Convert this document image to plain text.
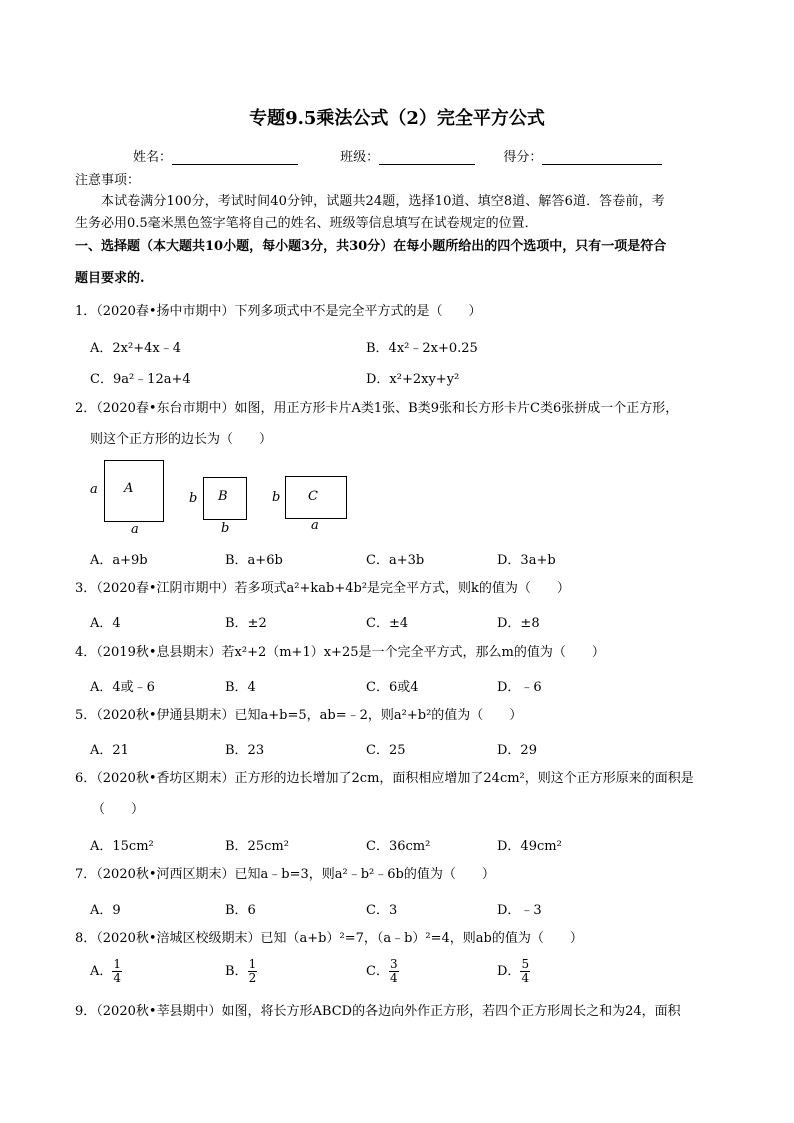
专题9.5乘法公式（2）完全平方公式
姓名：	班级：	得分：
注意事项：
本试卷满分100分，考试时间40分钟，试题共24题，选择10道、填空8道、解答6道．答卷前，考
生务必用0.5毫米黑色签字笔将自己的姓名、班级等信息填写在试卷规定的位置．
一、选择题（本大题共10小题，每小题3分，共30分）在每小题所给出的四个选项中，只有一项是符合
题目要求的.
1．（2020春•扬中市期中）下列多项式中不是完全平方式的是（　　）
A．2x²+4x﹣4	B．4x²﹣2x+0.25
C．9a²﹣12a+4	D．x²+2xy+y²
2．（2020春•东台市期中）如图，用正方形卡片A类1张、B类9张和长方形卡片C类6张拼成一个正方形，
则这个正方形的边长为（　　）
A
a
a
B
b
b
C
b
a
A．a+9b	B．a+6b	C．a+3b	D．3a+b
3．（2020春•江阴市期中）若多项式a²+kab+4b²是完全平方式，则k的值为（　　）
A．4	B．±2	C．±4	D．±8
4．（2019秋•息县期末）若x²+2（m+1）x+25是一个完全平方式，那么m的值为（　　）
A．4或﹣6	B．4	C．6或4	D．﹣6
5．（2020秋•伊通县期末）已知a+b=5，ab=﹣2，则a²+b²的值为（　　）
A．21	B．23	C．25	D．29
6．（2020秋•香坊区期末）正方形的边长增加了2cm，面积相应增加了24cm²，则这个正方形原来的面积是
（　　）
A．15cm²	B．25cm²	C．36cm²	D．49cm²
7．（2020秋•河西区期末）已知a﹣b=3，则a²﹣b²﹣6b的值为（　　）
A．9	B．6	C．3	D．﹣3
8．（2020秋•涪城区校级期末）已知（a+b）²=7，（a﹣b）²=4，则ab的值为（　　）
A． $\frac{1}{4}$	B． $\frac{1}{2}$	C． $\frac{3}{4}$	D． $\frac{5}{4}$
9．（2020秋•莘县期中）如图，将长方形ABCD的各边向外作正方形，若四个正方形周长之和为24，面积
